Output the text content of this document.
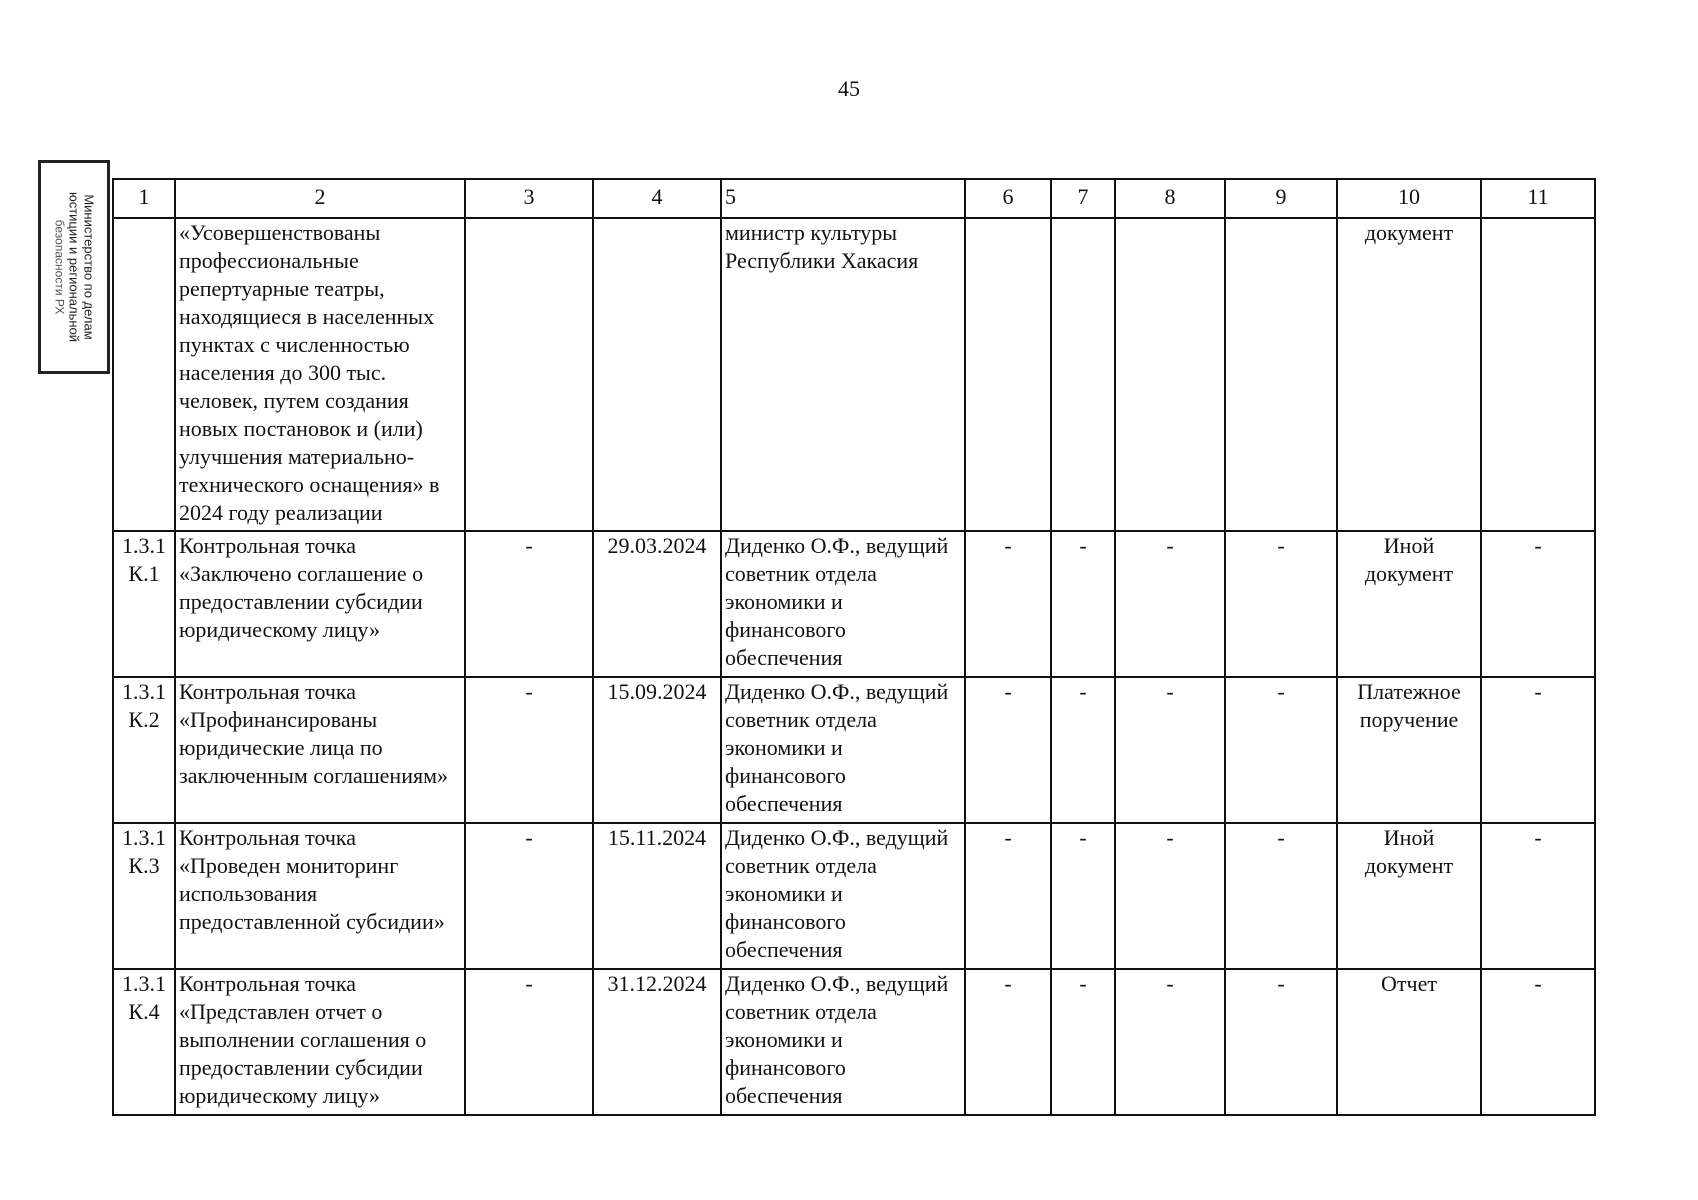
45
Министерство по делам
юстиции и региональной
безопасности РХ
1	2	3	4	5	6	7	8	9	10	11
	«Усовершенствованы профессиональные репертуарные театры, находящиеся в населенных пунктах с численностью населения до 300 тыс. человек, путем создания новых постановок и (или) улучшения материально-технического оснащения» в 2024 году реализации			министр культуры Республики Хакасия					документ	

1.3.1
К.1	Контрольная точка «Заключено соглашение о предоставлении субсидии юридическому лицу»	-	29.03.2024	Диденко О.Ф., ведущий советник отдела экономики и финансового обеспечения	-	-	-	-	Иной документ	-

1.3.1
К.2	Контрольная точка «Профинансированы юридические лица по заключенным соглашениям»	-	15.09.2024	Диденко О.Ф., ведущий советник отдела экономики и финансового обеспечения	-	-	-	-	Платежное поручение	-

1.3.1
К.3	Контрольная точка «Проведен мониторинг использования предоставленной субсидии»	-	15.11.2024	Диденко О.Ф., ведущий советник отдела экономики и финансового обеспечения	-	-	-	-	Иной документ	-

1.3.1
К.4	Контрольная точка «Представлен отчет о выполнении соглашения о предоставлении субсидии юридическому лицу»	-	31.12.2024	Диденко О.Ф., ведущий советник отдела экономики и финансового обеспечения	-	-	-	-	Отчет	-
